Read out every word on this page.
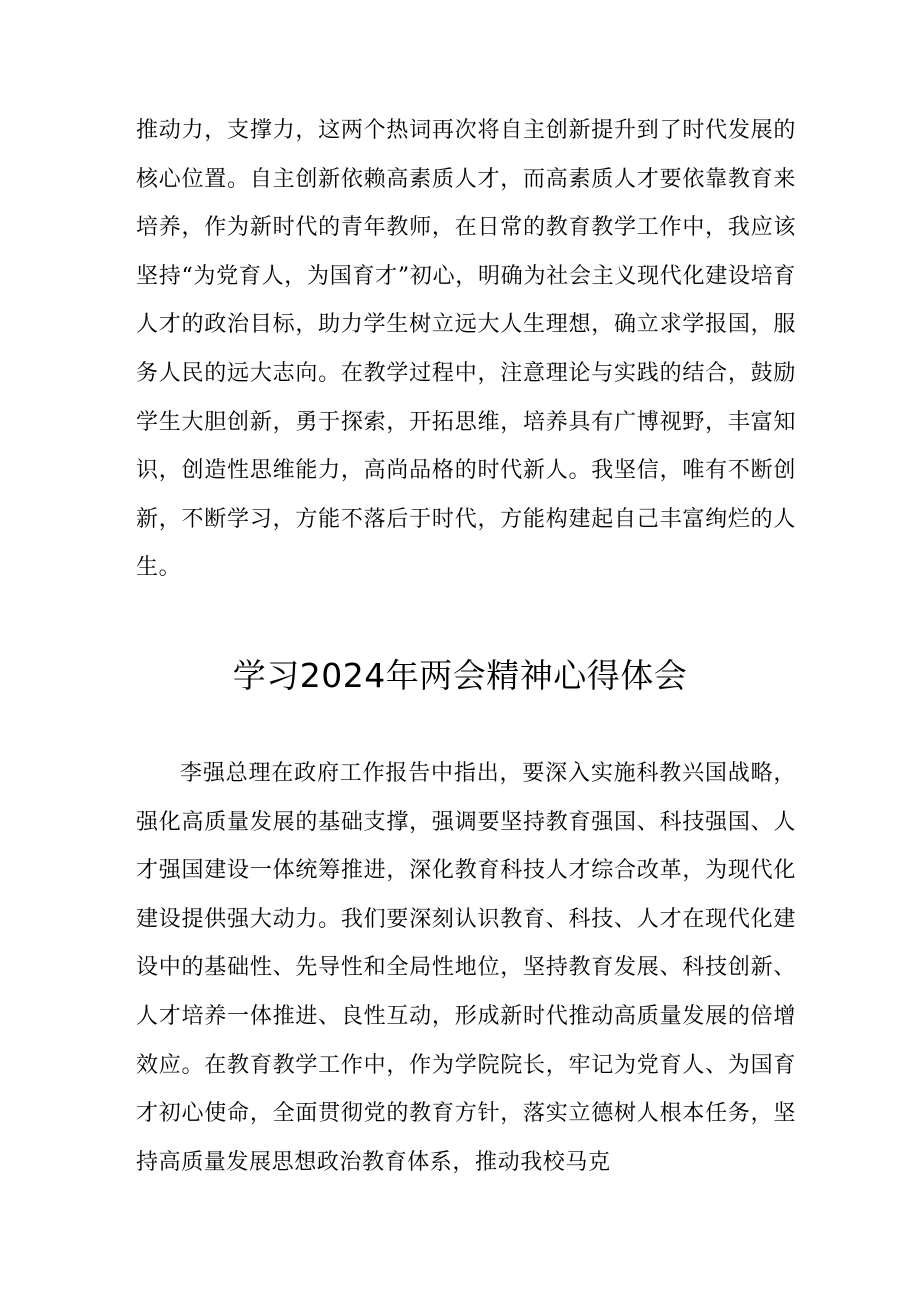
推动力，支撑力，这两个热词再次将自主创新提升到了时代发展的核心位置。自主创新依赖高素质人才，而高素质人才要依靠教育来培养，作为新时代的青年教师，在日常的教育教学工作中，我应该坚持“为党育人，为国育才”初心，明确为社会主义现代化建设培育人才的政治目标，助力学生树立远大人生理想，确立求学报国，服务人民的远大志向。在教学过程中，注意理论与实践的结合，鼓励学生大胆创新，勇于探索，开拓思维，培养具有广博视野，丰富知识，创造性思维能力，高尚品格的时代新人。我坚信，唯有不断创新，不断学习，方能不落后于时代，方能构建起自己丰富绚烂的人生。

学习2024年两会精神心得体会

李强总理在政府工作报告中指出，要深入实施科教兴国战略，强化高质量发展的基础支撑，强调要坚持教育强国、科技强国、人才强国建设一体统筹推进，深化教育科技人才综合改革，为现代化建设提供强大动力。我们要深刻认识教育、科技、人才在现代化建设中的基础性、先导性和全局性地位，坚持教育发展、科技创新、人才培养一体推进、良性互动，形成新时代推动高质量发展的倍增效应。在教育教学工作中，作为学院院长，牢记为党育人、为国育才初心使命，全面贯彻党的教育方针，落实立德树人根本任务，坚持高质量发展思想政治教育体系，推动我校马克
